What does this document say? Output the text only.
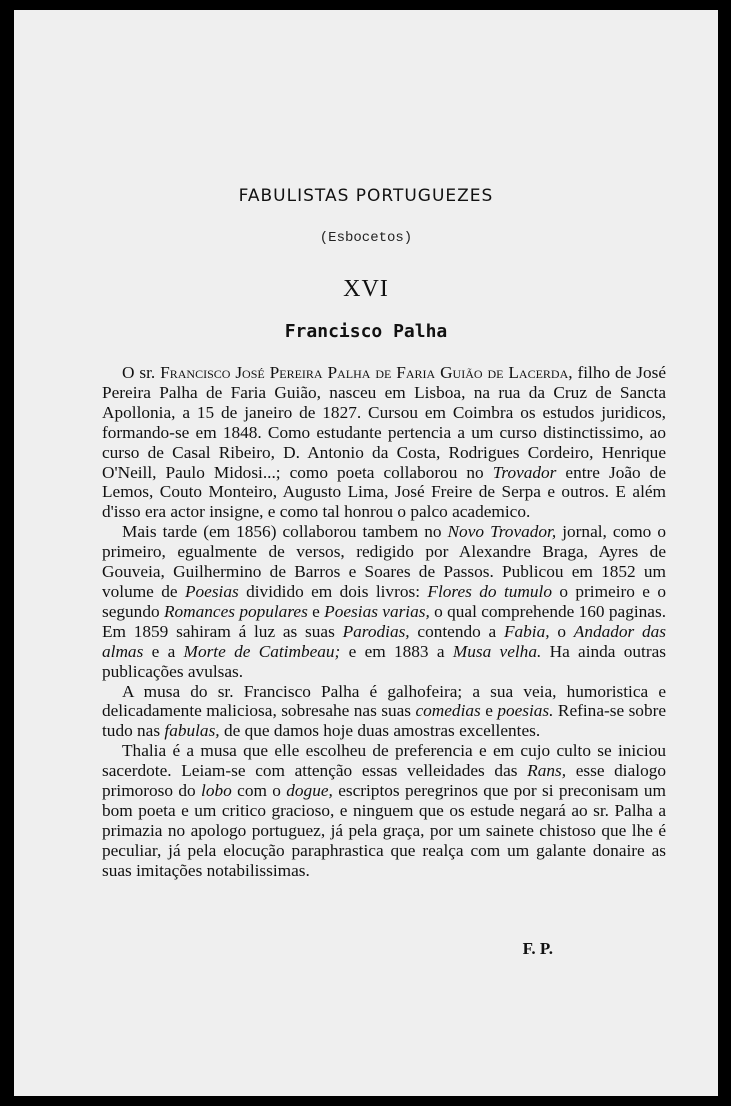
FABULISTAS PORTUGUEZES
(Esbocetos)
XVI
Francisco Palha

O sr. Francisco José Pereira Palha de Faria Guião de Lacerda, filho de José Pereira Palha de Faria Guião, nasceu em Lisboa, na rua da Cruz de Sancta Apollonia, a 15 de janeiro de 1827. Cursou em Coimbra os estudos juridicos, formando-se em 1848. Como estudante pertencia a um curso distinctissimo, ao curso de Casal Ribeiro, D. Antonio da Costa, Rodrigues Cordeiro, Henrique O'Neill, Paulo Midosi...; como poeta collaborou no Trovador entre João de Lemos, Couto Monteiro, Augusto Lima, José Freire de Serpa e outros. E além d'isso era actor insigne, e como tal honrou o palco academico.

Mais tarde (em 1856) collaborou tambem no Novo Trovador, jornal, como o primeiro, egualmente de versos, redigido por Alexandre Braga, Ayres de Gouveia, Guilhermino de Barros e Soares de Passos. Publicou em 1852 um volume de Poesias dividido em dois livros: Flores do tumulo o primeiro e o segundo Romances populares e Poesias varias, o qual comprehende 160 paginas. Em 1859 sahiram á luz as suas Parodias, contendo a Fabia, o Andador das almas e a Morte de Catimbeau; e em 1883 a Musa velha. Ha ainda outras publicações avulsas.

A musa do sr. Francisco Palha é galhofeira; a sua veia, humoristica e delicadamente maliciosa, sobresahe nas suas comedias e poesias. Refina-se sobre tudo nas fabulas, de que damos hoje duas amostras excellentes.

Thalia é a musa que elle escolheu de preferencia e em cujo culto se iniciou sacerdote. Leiam-se com attenção essas velleidades das Rans, esse dialogo primoroso do lobo com o dogue, escriptos peregrinos que por si preconisam um bom poeta e um critico gracioso, e ninguem que os estude negará ao sr. Palha a primazia no apologo portuguez, já pela graça, por um sainete chistoso que lhe é peculiar, já pela elocução paraphrastica que realça com um galante donaire as suas imitações notabilissimas.

F. P.
